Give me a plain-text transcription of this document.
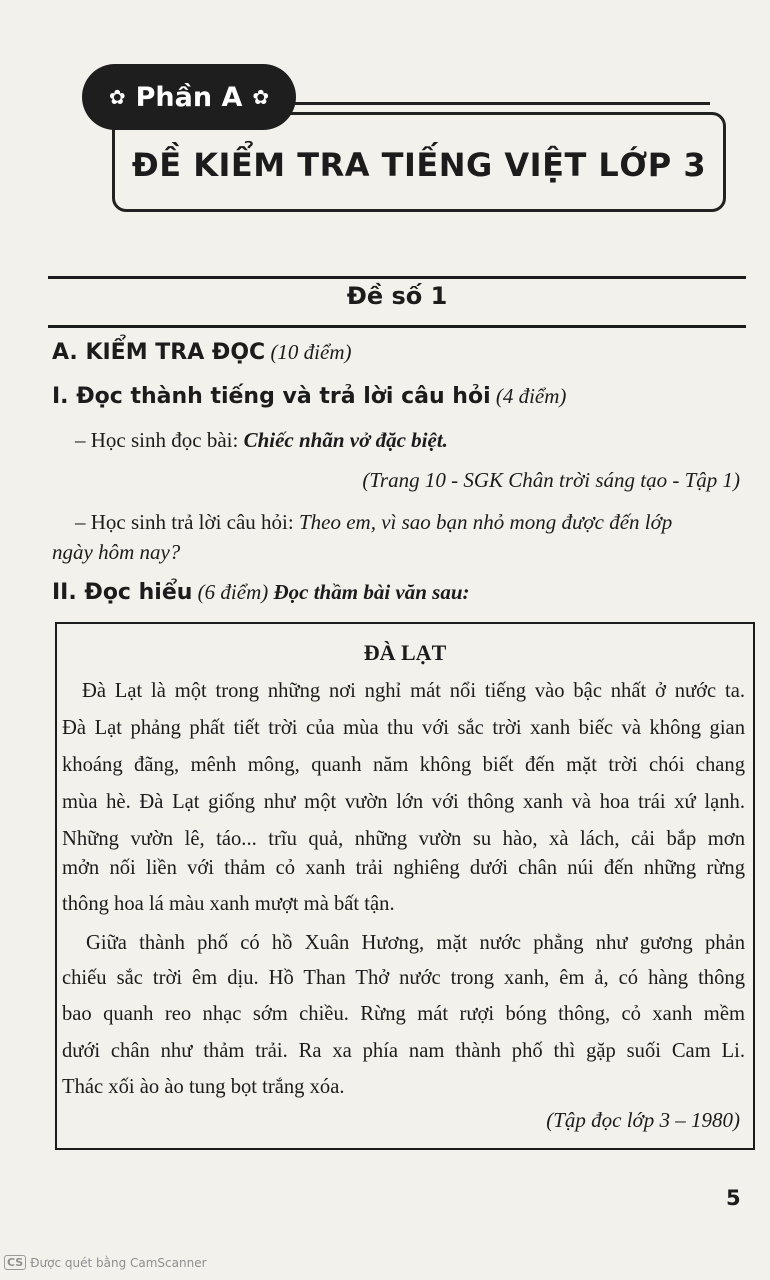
✿ Phần A ✿
ĐỀ KIỂM TRA TIẾNG VIỆT LỚP 3
Đề số 1
A. KIỂM TRA ĐỌC (10 điểm)
I. Đọc thành tiếng và trả lời câu hỏi (4 điểm)
– Học sinh đọc bài: Chiếc nhãn vở đặc biệt.
(Trang 10 - SGK Chân trời sáng tạo - Tập 1)
– Học sinh trả lời câu hỏi: Theo em, vì sao bạn nhỏ mong được đến lớp
ngày hôm nay?
II. Đọc hiểu (6 điểm) Đọc thầm bài văn sau:
ĐÀ LẠT
Đà Lạt là một trong những nơi nghỉ mát nổi tiếng vào bậc nhất ở nước ta.
Đà Lạt phảng phất tiết trời của mùa thu với sắc trời xanh biếc và không gian
khoáng đãng, mênh mông, quanh năm không biết đến mặt trời chói chang
mùa hè. Đà Lạt giống như một vườn lớn với thông xanh và hoa trái xứ lạnh.
Những vườn lê, táo... trĩu quả, những vườn su hào, xà lách, cải bắp mơn
mởn nối liền với thảm cỏ xanh trải nghiêng dưới chân núi đến những rừng
thông hoa lá màu xanh mượt mà bất tận.
Giữa thành phố có hồ Xuân Hương, mặt nước phẳng như gương phản
chiếu sắc trời êm dịu. Hồ Than Thở nước trong xanh, êm ả, có hàng thông
bao quanh reo nhạc sớm chiều. Rừng mát rượi bóng thông, cỏ xanh mềm
dưới chân như thảm trải. Ra xa phía nam thành phố thì gặp suối Cam Li.
Thác xối ào ào tung bọt trắng xóa.
(Tập đọc lớp 3 – 1980)
5
CS Được quét bằng CamScanner
